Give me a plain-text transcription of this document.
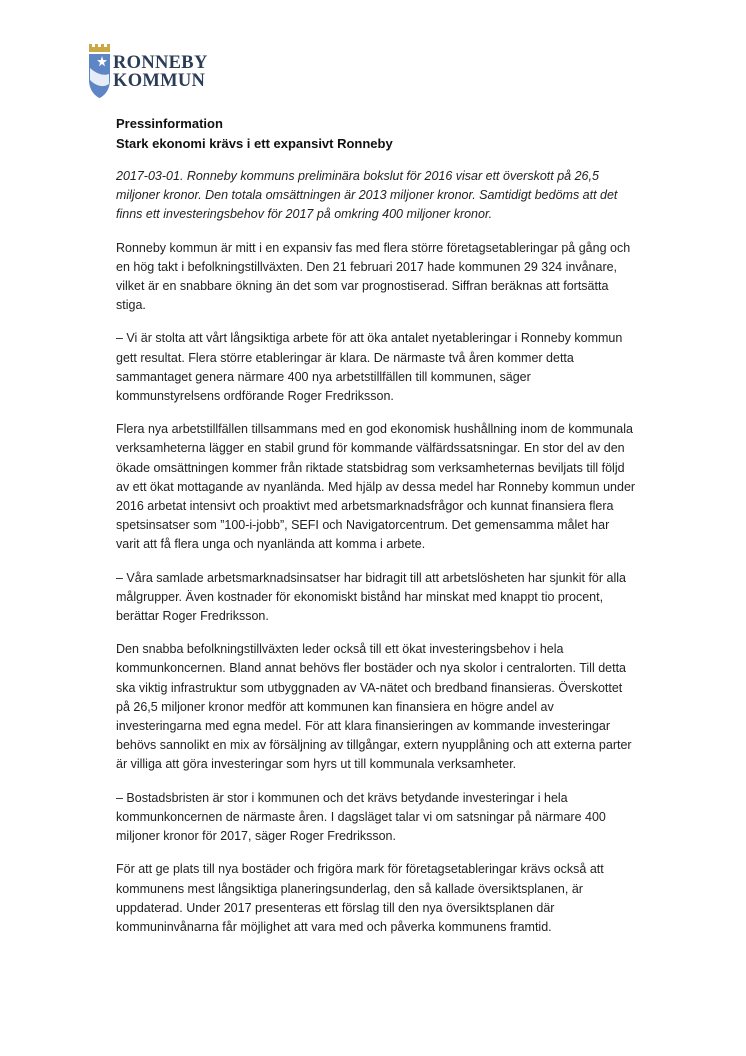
RONNEBY
KOMMUN
Pressinformation
Stark ekonomi krävs i ett expansivt Ronneby

2017-03-01. Ronneby kommuns preliminära bokslut för 2016 visar ett överskott på 26,5 miljoner kronor. Den totala omsättningen är 2013 miljoner kronor. Samtidigt bedöms att det finns ett investeringsbehov för 2017 på omkring 400 miljoner kronor.

Ronneby kommun är mitt i en expansiv fas med flera större företagsetableringar på gång och en hög takt i befolkningstillväxten. Den 21 februari 2017 hade kommunen 29 324 invånare, vilket är en snabbare ökning än det som var prognostiserad. Siffran beräknas att fortsätta stiga.

– Vi är stolta att vårt långsiktiga arbete för att öka antalet nyetableringar i Ronneby kommun gett resultat. Flera större etableringar är klara. De närmaste två åren kommer detta sammantaget genera närmare 400 nya arbetstillfällen till kommunen, säger kommunstyrelsens ordförande Roger Fredriksson.

Flera nya arbetstillfällen tillsammans med en god ekonomisk hushållning inom de kommunala verksamheterna lägger en stabil grund för kommande välfärdssatsningar. En stor del av den ökade omsättningen kommer från riktade statsbidrag som verksamheternas beviljats till följd av ett ökat mottagande av nyanlända. Med hjälp av dessa medel har Ronneby kommun under 2016 arbetat intensivt och proaktivt med arbetsmarknadsfrågor och kunnat finansiera flera spetsinsatser som ”100-i-jobb”, SEFI och Navigatorcentrum. Det gemensamma målet har varit att få flera unga och nyanlända att komma i arbete.

– Våra samlade arbetsmarknadsinsatser har bidragit till att arbetslösheten har sjunkit för alla målgrupper. Även kostnader för ekonomiskt bistånd har minskat med knappt tio procent, berättar Roger Fredriksson.

Den snabba befolkningstillväxten leder också till ett ökat investeringsbehov i hela kommunkoncernen. Bland annat behövs fler bostäder och nya skolor i centralorten. Till detta ska viktig infrastruktur som utbyggnaden av VA-nätet och bredband finansieras. Överskottet på 26,5 miljoner kronor medför att kommunen kan finansiera en högre andel av investeringarna med egna medel. För att klara finansieringen av kommande investeringar behövs sannolikt en mix av försäljning av tillgångar, extern nyupplåning och att externa parter är villiga att göra investeringar som hyrs ut till kommunala verksamheter.

– Bostadsbristen är stor i kommunen och det krävs betydande investeringar i hela kommunkoncernen de närmaste åren. I dagsläget talar vi om satsningar på närmare 400 miljoner kronor för 2017, säger Roger Fredriksson.

För att ge plats till nya bostäder och frigöra mark för företagsetableringar krävs också att kommunens mest långsiktiga planeringsunderlag, den så kallade översiktsplanen, är uppdaterad. Under 2017 presenteras ett förslag till den nya översiktsplanen där kommuninvånarna får möjlighet att vara med och påverka kommunens framtid.
